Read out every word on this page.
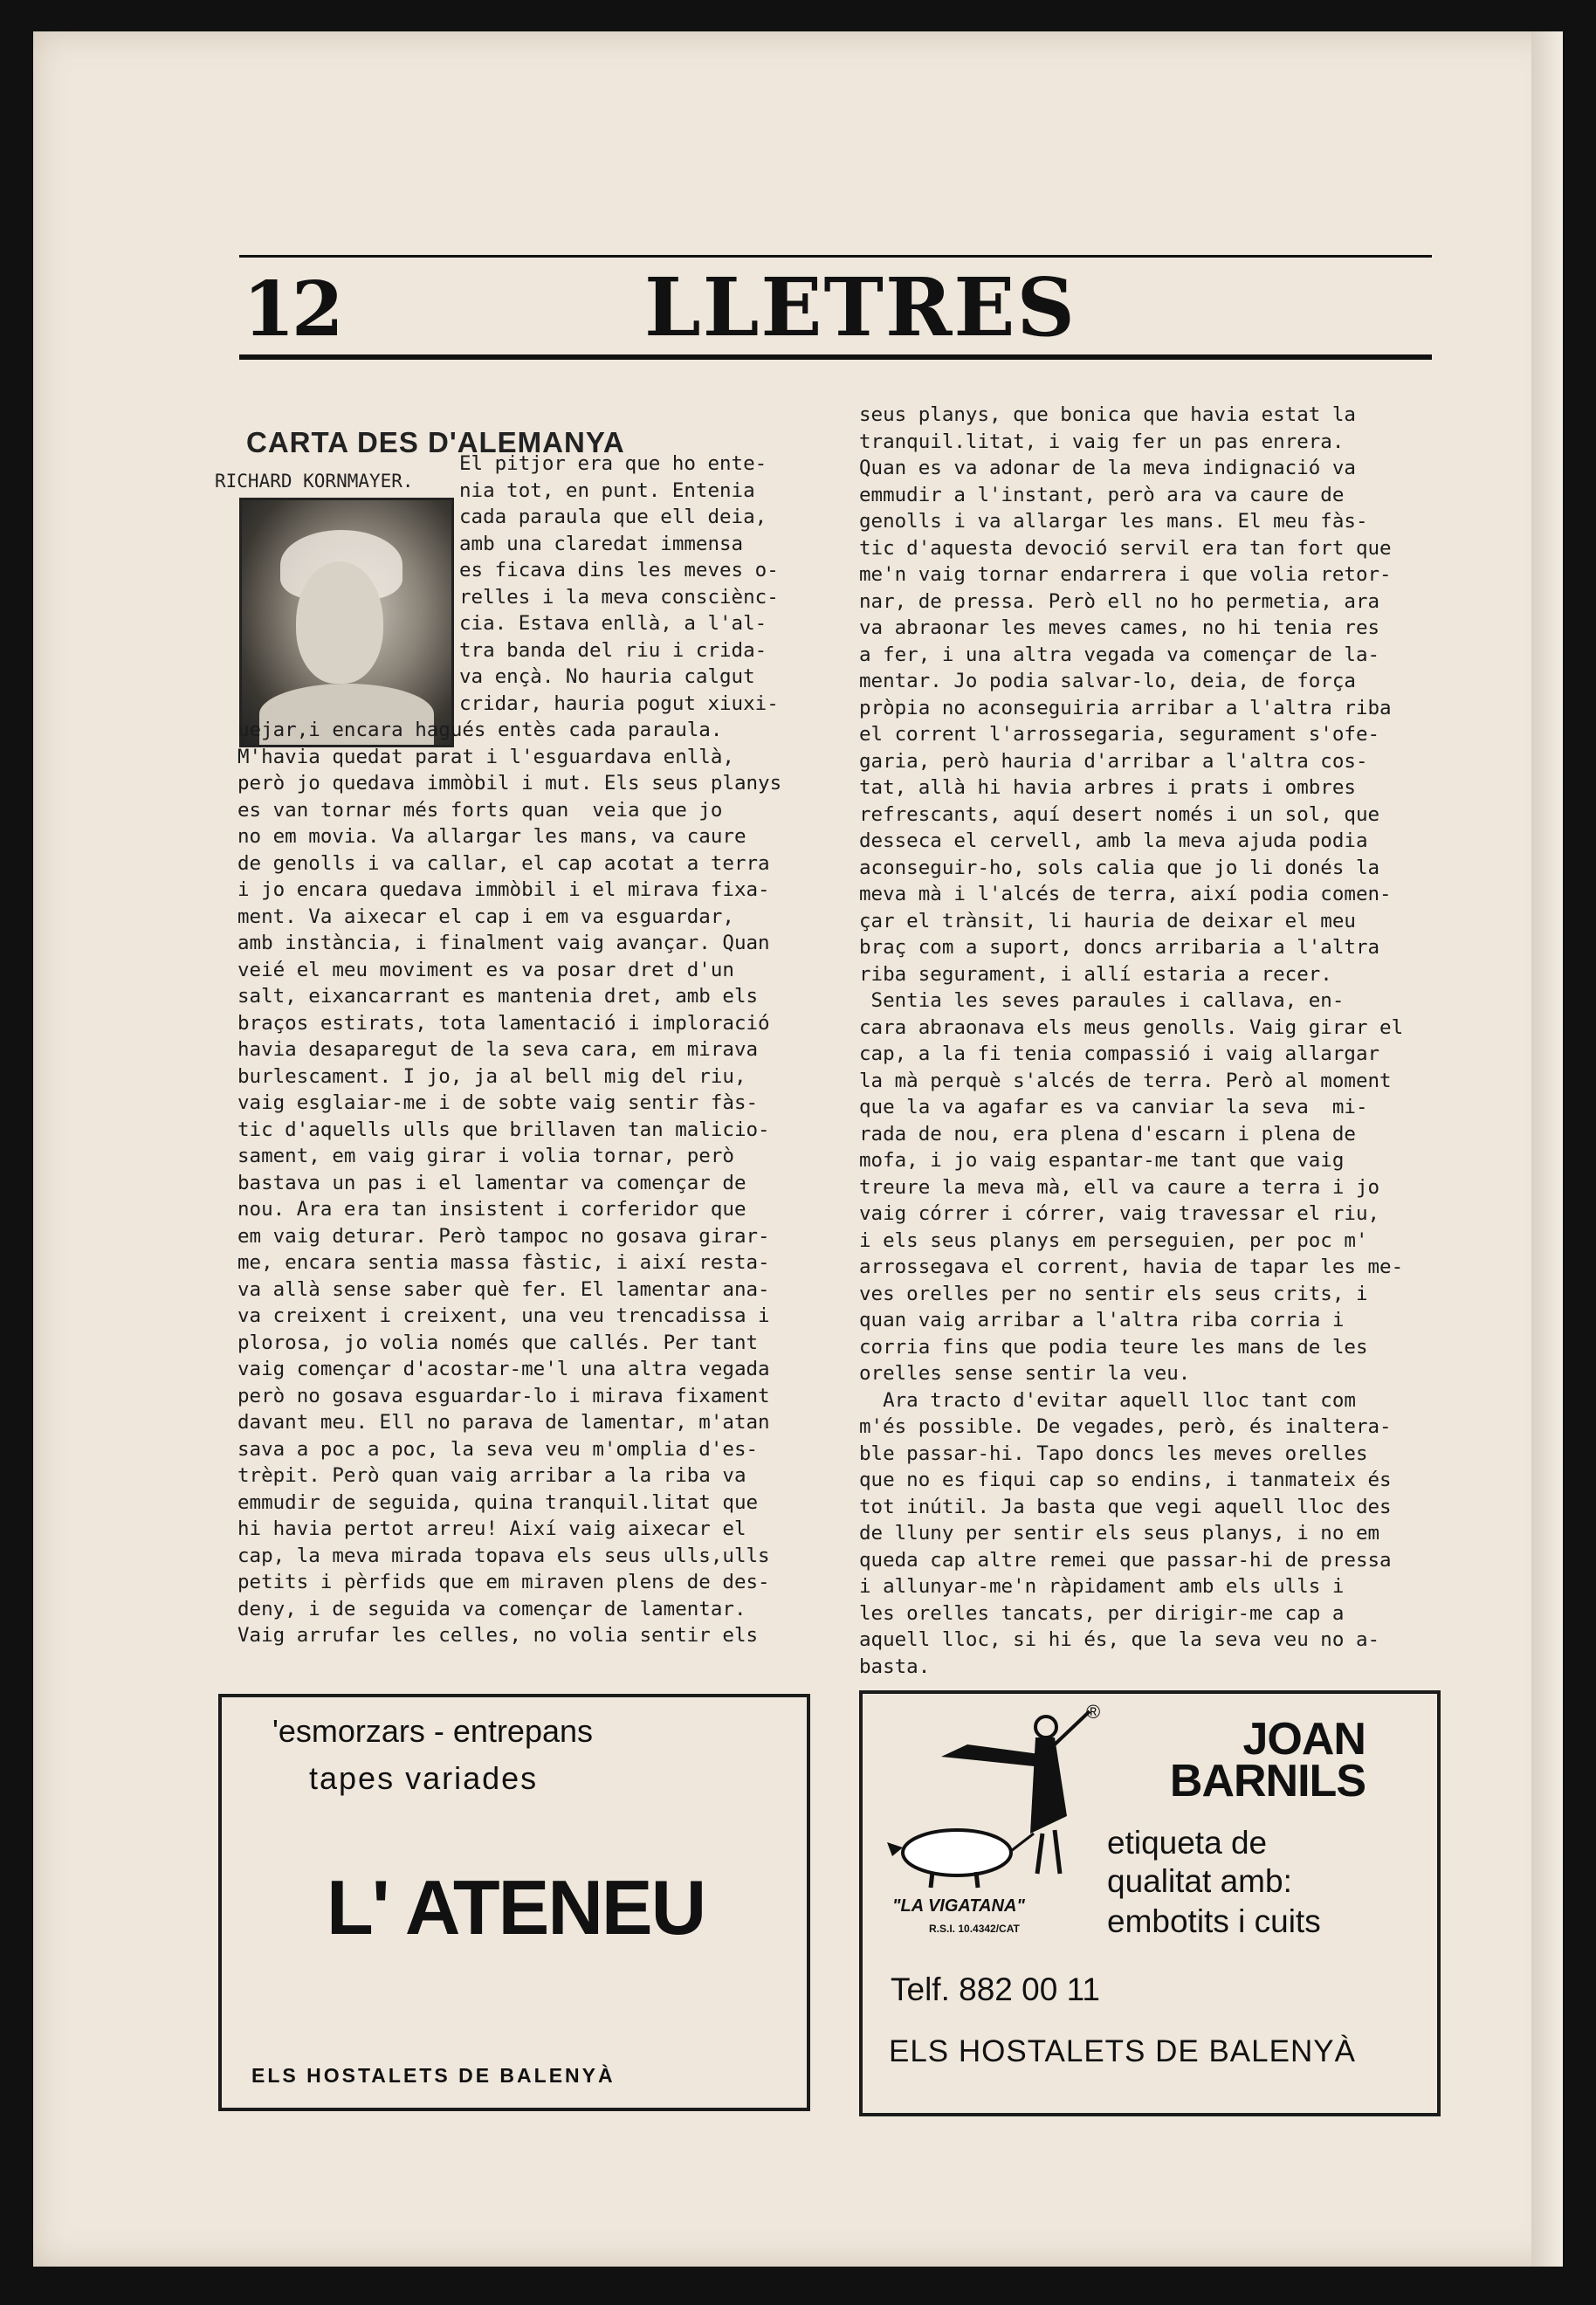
12	LLETRES
CARTA DES D'ALEMANYA
RICHARD KORNMAYER.
El pitjor era que ho ente-
nia tot, en punt. Entenia
cada paraula que ell deia,
amb una claredat immensa
es ficava dins les meves o-
relles i la meva consciènc-
cia. Estava enllà, a l'al-
tra banda del riu i crida-
va ençà. No hauria calgut
cridar, hauria pogut xiuxi-
uejar,i encara hagués entès cada paraula.
M'havia quedat parat i l'esguardava enllà,
però jo quedava immòbil i mut. Els seus planys
es van tornar més forts quan  veia que jo
no em movia. Va allargar les mans, va caure
de genolls i va callar, el cap acotat a terra
i jo encara quedava immòbil i el mirava fixa-
ment. Va aixecar el cap i em va esguardar,
amb instància, i finalment vaig avançar. Quan
veié el meu moviment es va posar dret d'un
salt, eixancarrant es mantenia dret, amb els
braços estirats, tota lamentació i imploració
havia desaparegut de la seva cara, em mirava
burlescament. I jo, ja al bell mig del riu,
vaig esglaiar-me i de sobte vaig sentir fàs-
tic d'aquells ulls que brillaven tan malicio-
sament, em vaig girar i volia tornar, però
bastava un pas i el lamentar va començar de
nou. Ara era tan insistent i corferidor que
em vaig deturar. Però tampoc no gosava girar-
me, encara sentia massa fàstic, i així resta-
va allà sense saber què fer. El lamentar ana-
va creixent i creixent, una veu trencadissa i
plorosa, jo volia només que callés. Per tant
vaig començar d'acostar-me'l una altra vegada
però no gosava esguardar-lo i mirava fixament
davant meu. Ell no parava de lamentar, m'atan
sava a poc a poc, la seva veu m'omplia d'es-
trèpit. Però quan vaig arribar a la riba va
emmudir de seguida, quina tranquil.litat que
hi havia pertot arreu! Així vaig aixecar el
cap, la meva mirada topava els seus ulls,ulls
petits i pèrfids que em miraven plens de des-
deny, i de seguida va començar de lamentar.
Vaig arrufar les celles, no volia sentir els
seus planys, que bonica que havia estat la
tranquil.litat, i vaig fer un pas enrera.
Quan es va adonar de la meva indignació va
emmudir a l'instant, però ara va caure de
genolls i va allargar les mans. El meu fàs-
tic d'aquesta devoció servil era tan fort que
me'n vaig tornar endarrera i que volia retor-
nar, de pressa. Però ell no ho permetia, ara
va abraonar les meves cames, no hi tenia res
a fer, i una altra vegada va començar de la-
mentar. Jo podia salvar-lo, deia, de força
pròpia no aconseguiria arribar a l'altra riba
el corrent l'arrossegaria, segurament s'ofe-
garia, però hauria d'arribar a l'altra cos-
tat, allà hi havia arbres i prats i ombres
refrescants, aquí desert només i un sol, que
desseca el cervell, amb la meva ajuda podia
aconseguir-ho, sols calia que jo li donés la
meva mà i l'alcés de terra, així podia comen-
çar el trànsit, li hauria de deixar el meu
braç com a suport, doncs arribaria a l'altra
riba segurament, i allí estaria a recer.
Sentia les seves paraules i callava, en-
cara abraonava els meus genolls. Vaig girar el
cap, a la fi tenia compassió i vaig allargar
la mà perquè s'alcés de terra. Però al moment
que la va agafar es va canviar la seva  mi-
rada de nou, era plena d'escarn i plena de
mofa, i jo vaig espantar-me tant que vaig
treure la meva mà, ell va caure a terra i jo
vaig córrer i córrer, vaig travessar el riu,
i els seus planys em perseguien, per poc m'
arrossegava el corrent, havia de tapar les me-
ves orelles per no sentir els seus crits, i
quan vaig arribar a l'altra riba corria i
corria fins que podia teure les mans de les
orelles sense sentir la veu.
Ara tracto d'evitar aquell lloc tant com
m'és possible. De vegades, però, és inaltera-
ble passar-hi. Tapo doncs les meves orelles
que no es fiqui cap so endins, i tanmateix és
tot inútil. Ja basta que vegi aquell lloc des
de lluny per sentir els seus planys, i no em
queda cap altre remei que passar-hi de pressa
i allunyar-me'n ràpidament amb els ulls i
les orelles tancats, per dirigir-me cap a
aquell lloc, si hi és, que la seva veu no a-
basta.
'esmorzars - entrepans
tapes variades
L' ATENEU
ELS HOSTALETS DE BALENYÀ
®
JOAN BARNILS
"LA VIGATANA"
R.S.I. 10.4342/CAT
etiqueta de
qualitat amb:
embotits i cuits
Telf. 882 00 11
ELS HOSTALETS DE BALENYÀ
